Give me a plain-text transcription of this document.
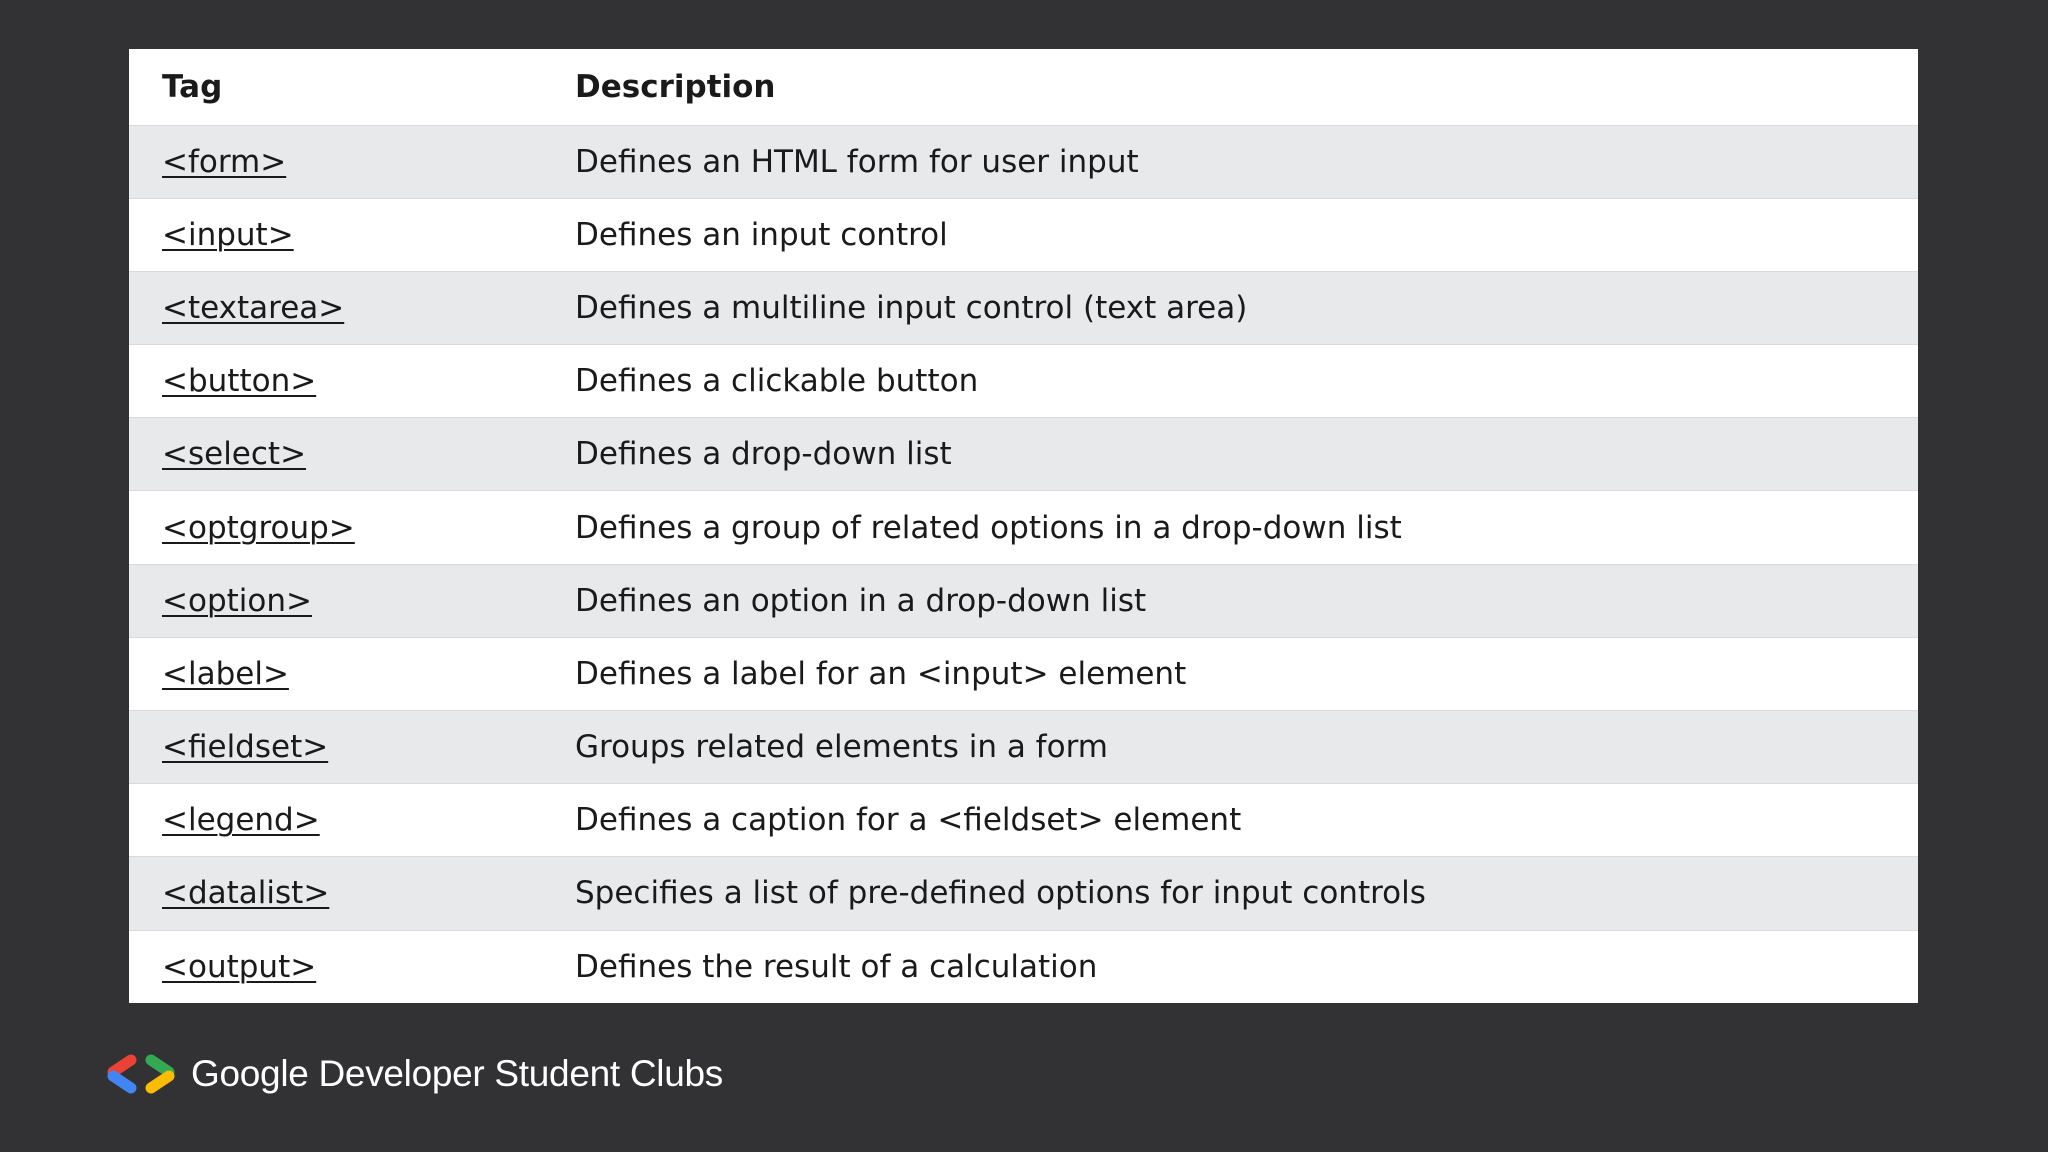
Tag	Description
<form>	Defines an HTML form for user input
<input>	Defines an input control
<textarea>	Defines a multiline input control (text area)
<button>	Defines a clickable button
<select>	Defines a drop-down list
<optgroup>	Defines a group of related options in a drop-down list
<option>	Defines an option in a drop-down list
<label>	Defines a label for an <input> element
<fieldset>	Groups related elements in a form
<legend>	Defines a caption for a <fieldset> element
<datalist>	Specifies a list of pre-defined options for input controls
<output>	Defines the result of a calculation
Google Developer Student Clubs
